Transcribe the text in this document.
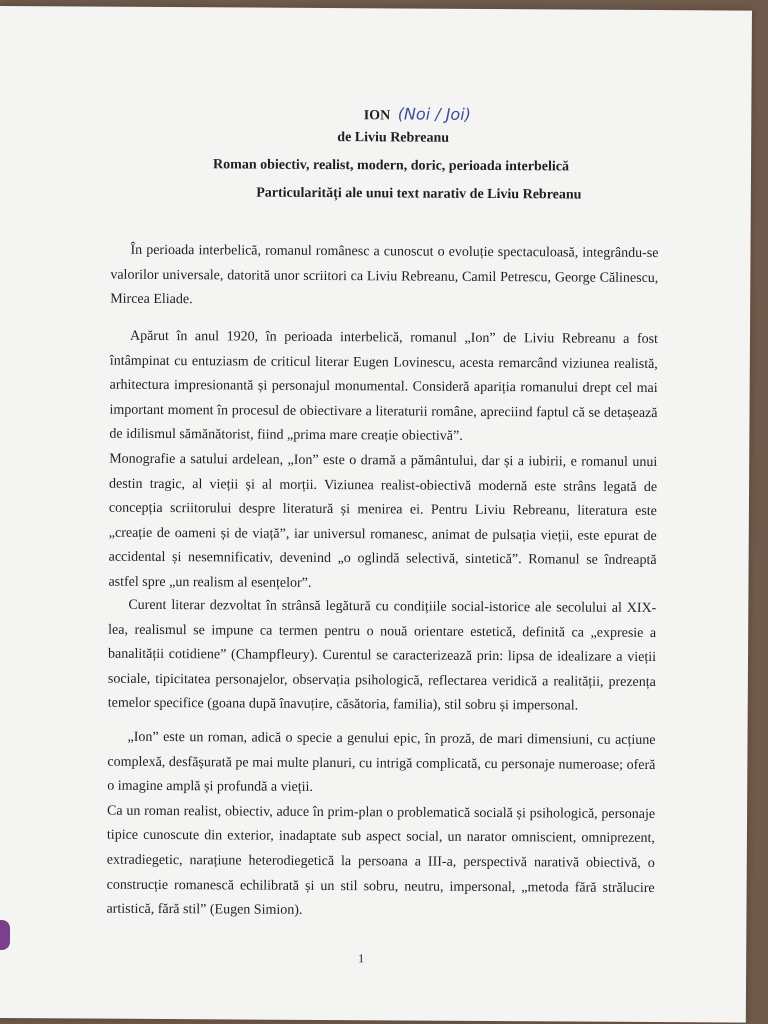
ION (Noi / Joi)
de Liviu Rebreanu
Roman obiectiv, realist, modern, doric, perioada interbelică
Particularități ale unui text narativ de Liviu Rebreanu

În perioada interbelică, romanul românesc a cunoscut o evoluție spectaculoasă, integrându-se valorilor universale, datorită unor scriitori ca Liviu Rebreanu, Camil Petrescu, George Călinescu, Mircea Eliade.

Apărut în anul 1920, în perioada interbelică, romanul „Ion” de Liviu Rebreanu a fost întâmpinat cu entuziasm de criticul literar Eugen Lovinescu, acesta remarcând viziunea realistă, arhitectura impresionantă și personajul monumental. Consideră apariția romanului drept cel mai important moment în procesul de obiectivare a literaturii române, apreciind faptul că se detașează de idilismul sămănătorist, fiind „prima mare creație obiectivă”.

Monografie a satului ardelean, „Ion” este o dramă a pământului, dar și a iubirii, e romanul unui destin tragic, al vieții și al morții. Viziunea realist-obiectivă modernă este strâns legată de concepția scriitorului despre literatură și menirea ei. Pentru Liviu Rebreanu, literatura este „creație de oameni și de viață”, iar universul romanesc, animat de pulsația vieții, este epurat de accidental și nesemnificativ, devenind „o oglindă selectivă, sintetică”. Romanul se îndreaptă astfel spre „un realism al esențelor”.

Curent literar dezvoltat în strânsă legătură cu condițiile social-istorice ale secolului al XIX-lea, realismul se impune ca termen pentru o nouă orientare estetică, definită ca „expresie a banalității cotidiene” (Champfleury). Curentul se caracterizează prin: lipsa de idealizare a vieții sociale, tipicitatea personajelor, observația psihologică, reflectarea veridică a realității, prezența temelor specifice (goana după înavuțire, căsătoria, familia), stil sobru și impersonal.

„Ion” este un roman, adică o specie a genului epic, în proză, de mari dimensiuni, cu acțiune complexă, desfășurată pe mai multe planuri, cu intrigă complicată, cu personaje numeroase; oferă o imagine amplă și profundă a vieții.

Ca un roman realist, obiectiv, aduce în prim-plan o problematică socială și psihologică, personaje tipice cunoscute din exterior, inadaptate sub aspect social, un narator omniscient, omniprezent, extradiegetic, narațiune heterodiegetică la persoana a III-a, perspectivă narativă obiectivă, o construcție romanescă echilibrată și un stil sobru, neutru, impersonal, „metoda fără strălucire artistică, fără stil” (Eugen Simion).

1
